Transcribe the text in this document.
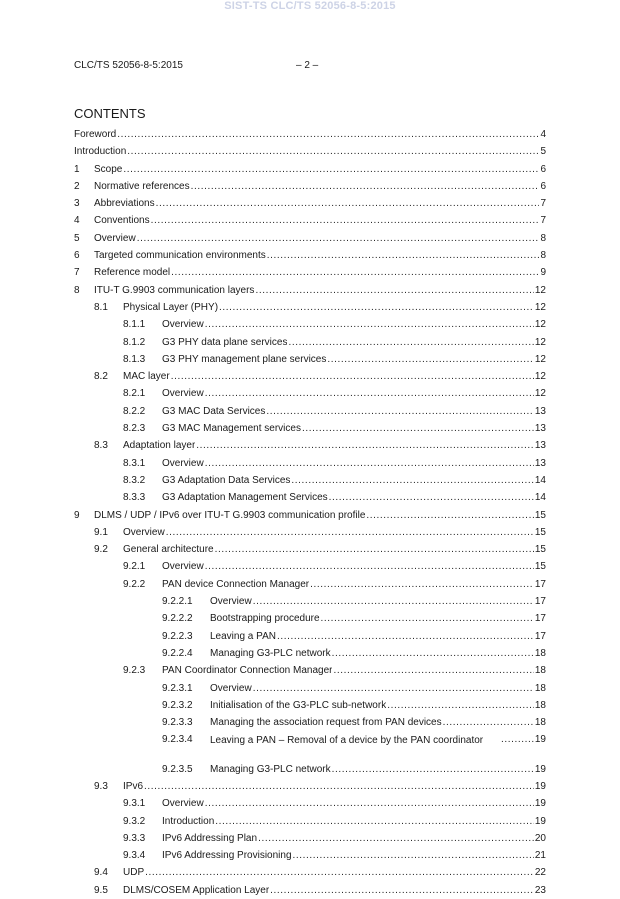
SIST-TS CLC/TS 52056-8-5:2015
CLC/TS 52056-8-5:2015	– 2 –
CONTENTS
Foreword .....	4
Introduction .....	5
1 Scope .....	6
2 Normative references .....	6
3 Abbreviations .....	7
4 Conventions .....	7
5 Overview .....	8
6 Targeted communication environments .....	8
7 Reference model .....	9
8 ITU-T G.9903 communication layers .....	12
8.1 Physical Layer (PHY) .....	12
8.1.1 Overview .....	12
8.1.2 G3 PHY data plane services .....	12
8.1.3 G3 PHY management plane services .....	12
8.2 MAC layer .....	12
8.2.1 Overview .....	12
8.2.2 G3 MAC Data Services .....	13
8.2.3 G3 MAC Management services .....	13
8.3 Adaptation layer .....	13
8.3.1 Overview .....	13
8.3.2 G3 Adaptation Data Services .....	14
8.3.3 G3 Adaptation Management Services .....	14
9 DLMS / UDP / IPv6 over ITU-T G.9903 communication profile .....	15
9.1 Overview .....	15
9.2 General architecture .....	15
9.2.1 Overview .....	15
9.2.2 PAN device Connection Manager .....	17
9.2.2.1 Overview .....	17
9.2.2.2 Bootstrapping procedure .....	17
9.2.2.3 Leaving a PAN .....	17
9.2.2.4 Managing G3-PLC network .....	18
9.2.3 PAN Coordinator Connection Manager .....	18
9.2.3.1 Overview .....	18
9.2.3.2 Initialisation of the G3-PLC sub-network .....	18
9.2.3.3 Managing the association request from PAN devices .....	18
9.2.3.4 Leaving a PAN – Removal of a device by the PAN coordinator .....	19
9.2.3.5 Managing G3-PLC network .....	19
9.3 IPv6 .....	19
9.3.1 Overview .....	19
9.3.2 Introduction .....	19
9.3.3 IPv6 Addressing Plan .....	20
9.3.4 IPv6 Addressing Provisioning .....	21
9.4 UDP .....	22
9.5 DLMS/COSEM Application Layer .....	23
